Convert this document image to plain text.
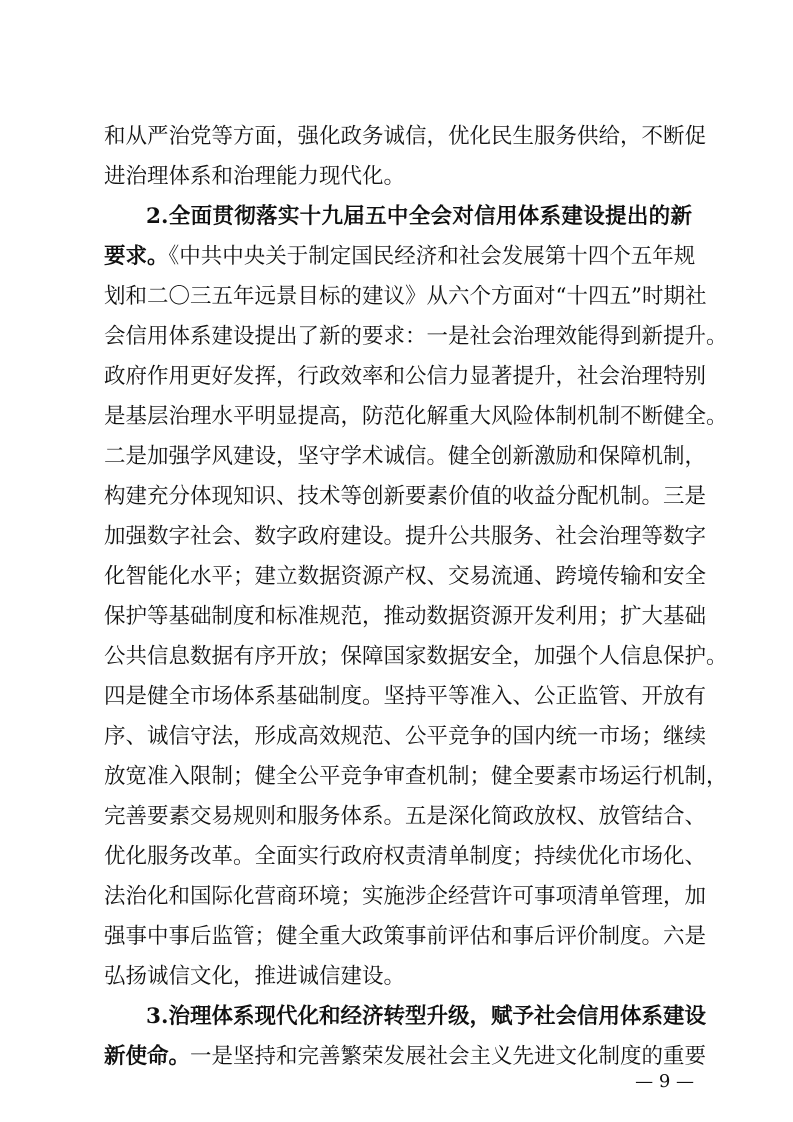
和从严治党等方面，强化政务诚信，优化民生服务供给，不断促
进治理体系和治理能力现代化。
2.全面贯彻落实十九届五中全会对信用体系建设提出的新
要求。《中共中央关于制定国民经济和社会发展第十四个五年规
划和二〇三五年远景目标的建议》从六个方面对“十四五”时期社
会信用体系建设提出了新的要求：一是社会治理效能得到新提升。
政府作用更好发挥，行政效率和公信力显著提升，社会治理特别
是基层治理水平明显提高，防范化解重大风险体制机制不断健全。
二是加强学风建设，坚守学术诚信。健全创新激励和保障机制，
构建充分体现知识、技术等创新要素价值的收益分配机制。三是
加强数字社会、数字政府建设。提升公共服务、社会治理等数字
化智能化水平；建立数据资源产权、交易流通、跨境传输和安全
保护等基础制度和标准规范，推动数据资源开发利用；扩大基础
公共信息数据有序开放；保障国家数据安全，加强个人信息保护。
四是健全市场体系基础制度。坚持平等准入、公正监管、开放有
序、诚信守法，形成高效规范、公平竞争的国内统一市场；继续
放宽准入限制；健全公平竞争审查机制；健全要素市场运行机制，
完善要素交易规则和服务体系。五是深化简政放权、放管结合、
优化服务改革。全面实行政府权责清单制度；持续优化市场化、
法治化和国际化营商环境；实施涉企经营许可事项清单管理，加
强事中事后监管；健全重大政策事前评估和事后评价制度。六是
弘扬诚信文化，推进诚信建设。
3.治理体系现代化和经济转型升级，赋予社会信用体系建设
新使命。一是坚持和完善繁荣发展社会主义先进文化制度的重要
— 9 —
